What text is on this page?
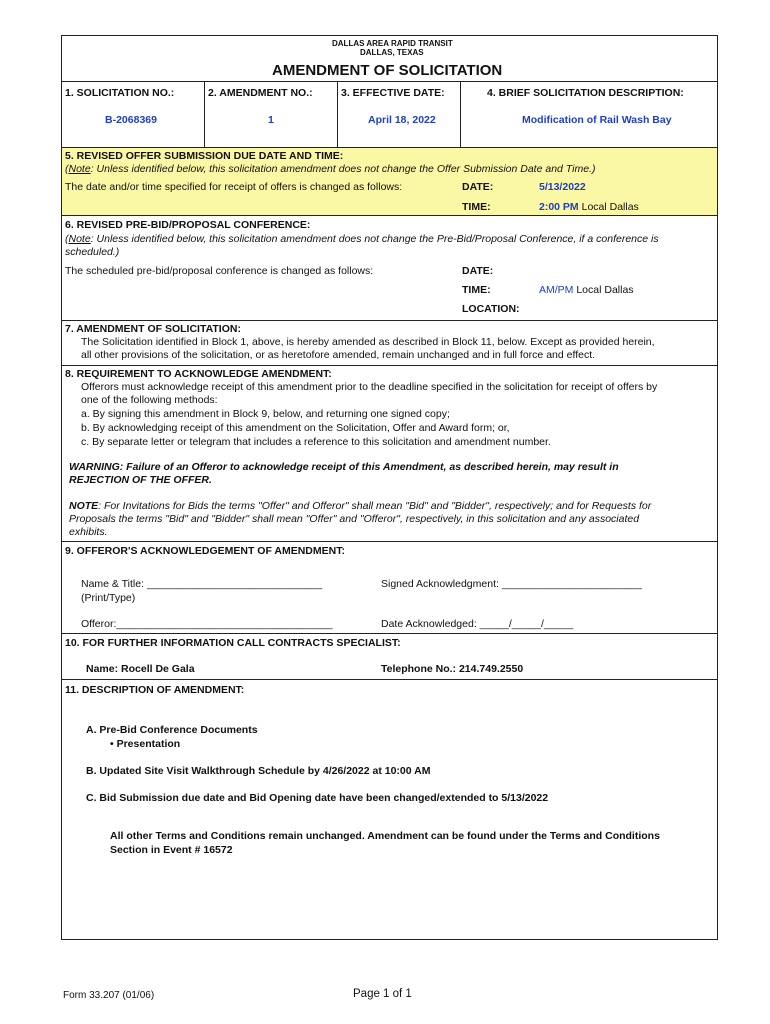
DALLAS AREA RAPID TRANSIT
DALLAS, TEXAS
AMENDMENT OF SOLICITATION
1. SOLICITATION NO.:
B-2068369
2. AMENDMENT NO.:
1
3. EFFECTIVE DATE:
April 18, 2022
4. BRIEF SOLICITATION DESCRIPTION:
Modification of Rail Wash Bay
5. REVISED OFFER SUBMISSION DUE DATE AND TIME:
(Note: Unless identified below, this solicitation amendment does not change the Offer Submission Date and Time.)
The date and/or time specified for receipt of offers is changed as follows:	DATE:	5/13/2022
TIME:	2:00 PM Local Dallas
6. REVISED PRE-BID/PROPOSAL CONFERENCE:
(Note: Unless identified below, this solicitation amendment does not change the Pre-Bid/Proposal Conference, if a conference is
scheduled.)
The scheduled pre-bid/proposal conference is changed as follows:	DATE:
TIME:	AM/PM Local Dallas
LOCATION:
7. AMENDMENT OF SOLICITATION:
The Solicitation identified in Block 1, above, is hereby amended as described in Block 11, below. Except as provided herein,
all other provisions of the solicitation, or as heretofore amended, remain unchanged and in full force and effect.
8. REQUIREMENT TO ACKNOWLEDGE AMENDMENT:
Offerors must acknowledge receipt of this amendment prior to the deadline specified in the solicitation for receipt of offers by
one of the following methods:
a. By signing this amendment in Block 9, below, and returning one signed copy;
b. By acknowledging receipt of this amendment on the Solicitation, Offer and Award form; or,
c. By separate letter or telegram that includes a reference to this solicitation and amendment number.
WARNING: Failure of an Offeror to acknowledge receipt of this Amendment, as described herein, may result in
REJECTION OF THE OFFER.
NOTE: For Invitations for Bids the terms "Offer" and Offeror" shall mean "Bid" and "Bidder", respectively; and for Requests for
Proposals the terms "Bid" and "Bidder" shall mean "Offer" and "Offeror", respectively, in this solicitation and any associated
exhibits.
9. OFFEROR'S ACKNOWLEDGEMENT OF AMENDMENT:
Name & Title: ______________________________
(Print/Type)
Signed Acknowledgment: ________________________
Offeror:_____________________________________	Date Acknowledged: _____/_____/_____
10. FOR FURTHER INFORMATION CALL CONTRACTS SPECIALIST:
Name: Rocell De Gala	Telephone No.: 214.749.2550
11. DESCRIPTION OF AMENDMENT:
A. Pre-Bid Conference Documents
• Presentation
B. Updated Site Visit Walkthrough Schedule by 4/26/2022 at 10:00 AM
C. Bid Submission due date and Bid Opening date have been changed/extended to 5/13/2022
All other Terms and Conditions remain unchanged. Amendment can be found under the Terms and Conditions
Section in Event # 16572
Form 33.207 (01/06)	Page 1 of 1
